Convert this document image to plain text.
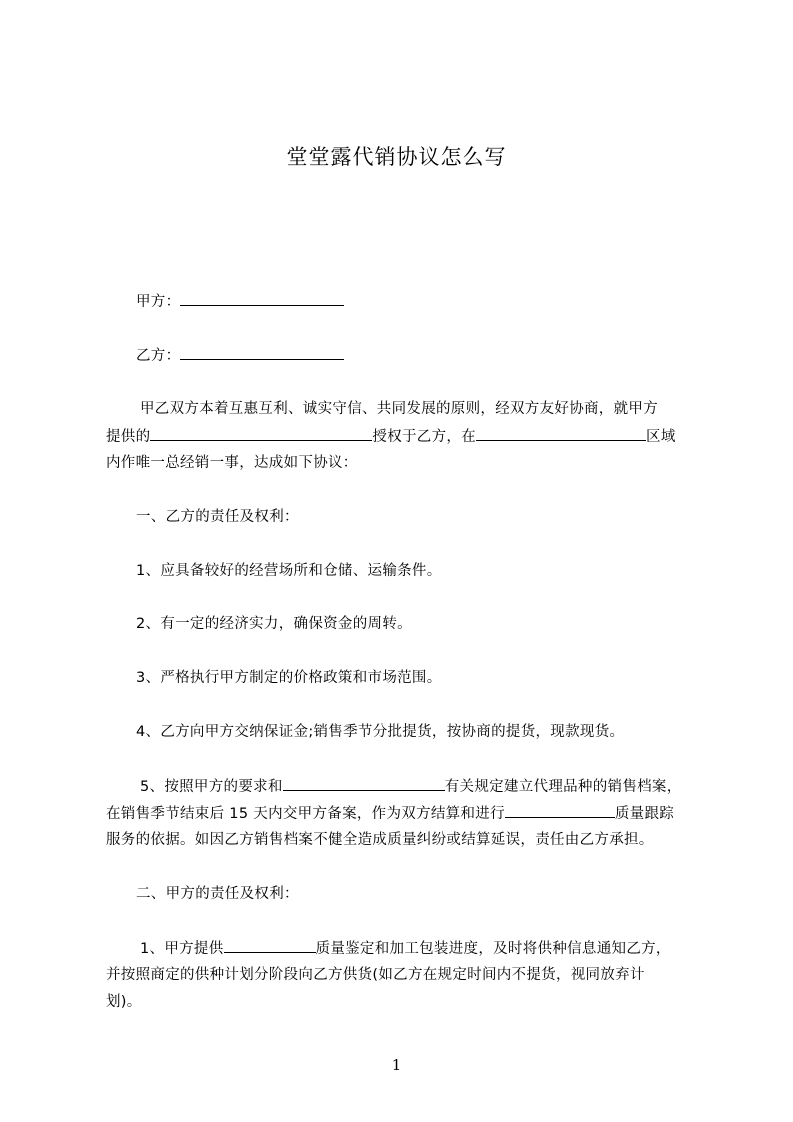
堂堂露代销协议怎么写
甲方：
乙方：
甲乙双方本着互惠互利、诚实守信、共同发展的原则，经双方友好协商，就甲方
提供的	授权于乙方，在	区域
内作唯一总经销一事，达成如下协议：
一、乙方的责任及权利：
1、应具备较好的经营场所和仓储、运输条件。
2、有一定的经济实力，确保资金的周转。
3、严格执行甲方制定的价格政策和市场范围。
4、乙方向甲方交纳保证金;销售季节分批提货，按协商的提货，现款现货。
5、按照甲方的要求和	有关规定建立代理品种的销售档案，
在销售季节结束后 15 天内交甲方备案，作为双方结算和进行	质量跟踪
服务的依据。如因乙方销售档案不健全造成质量纠纷或结算延误，责任由乙方承担。
二、甲方的责任及权利：
1、甲方提供	质量鉴定和加工包装进度，及时将供种信息通知乙方，
并按照商定的供种计划分阶段向乙方供货(如乙方在规定时间内不提货，视同放弃计
划)。
1
